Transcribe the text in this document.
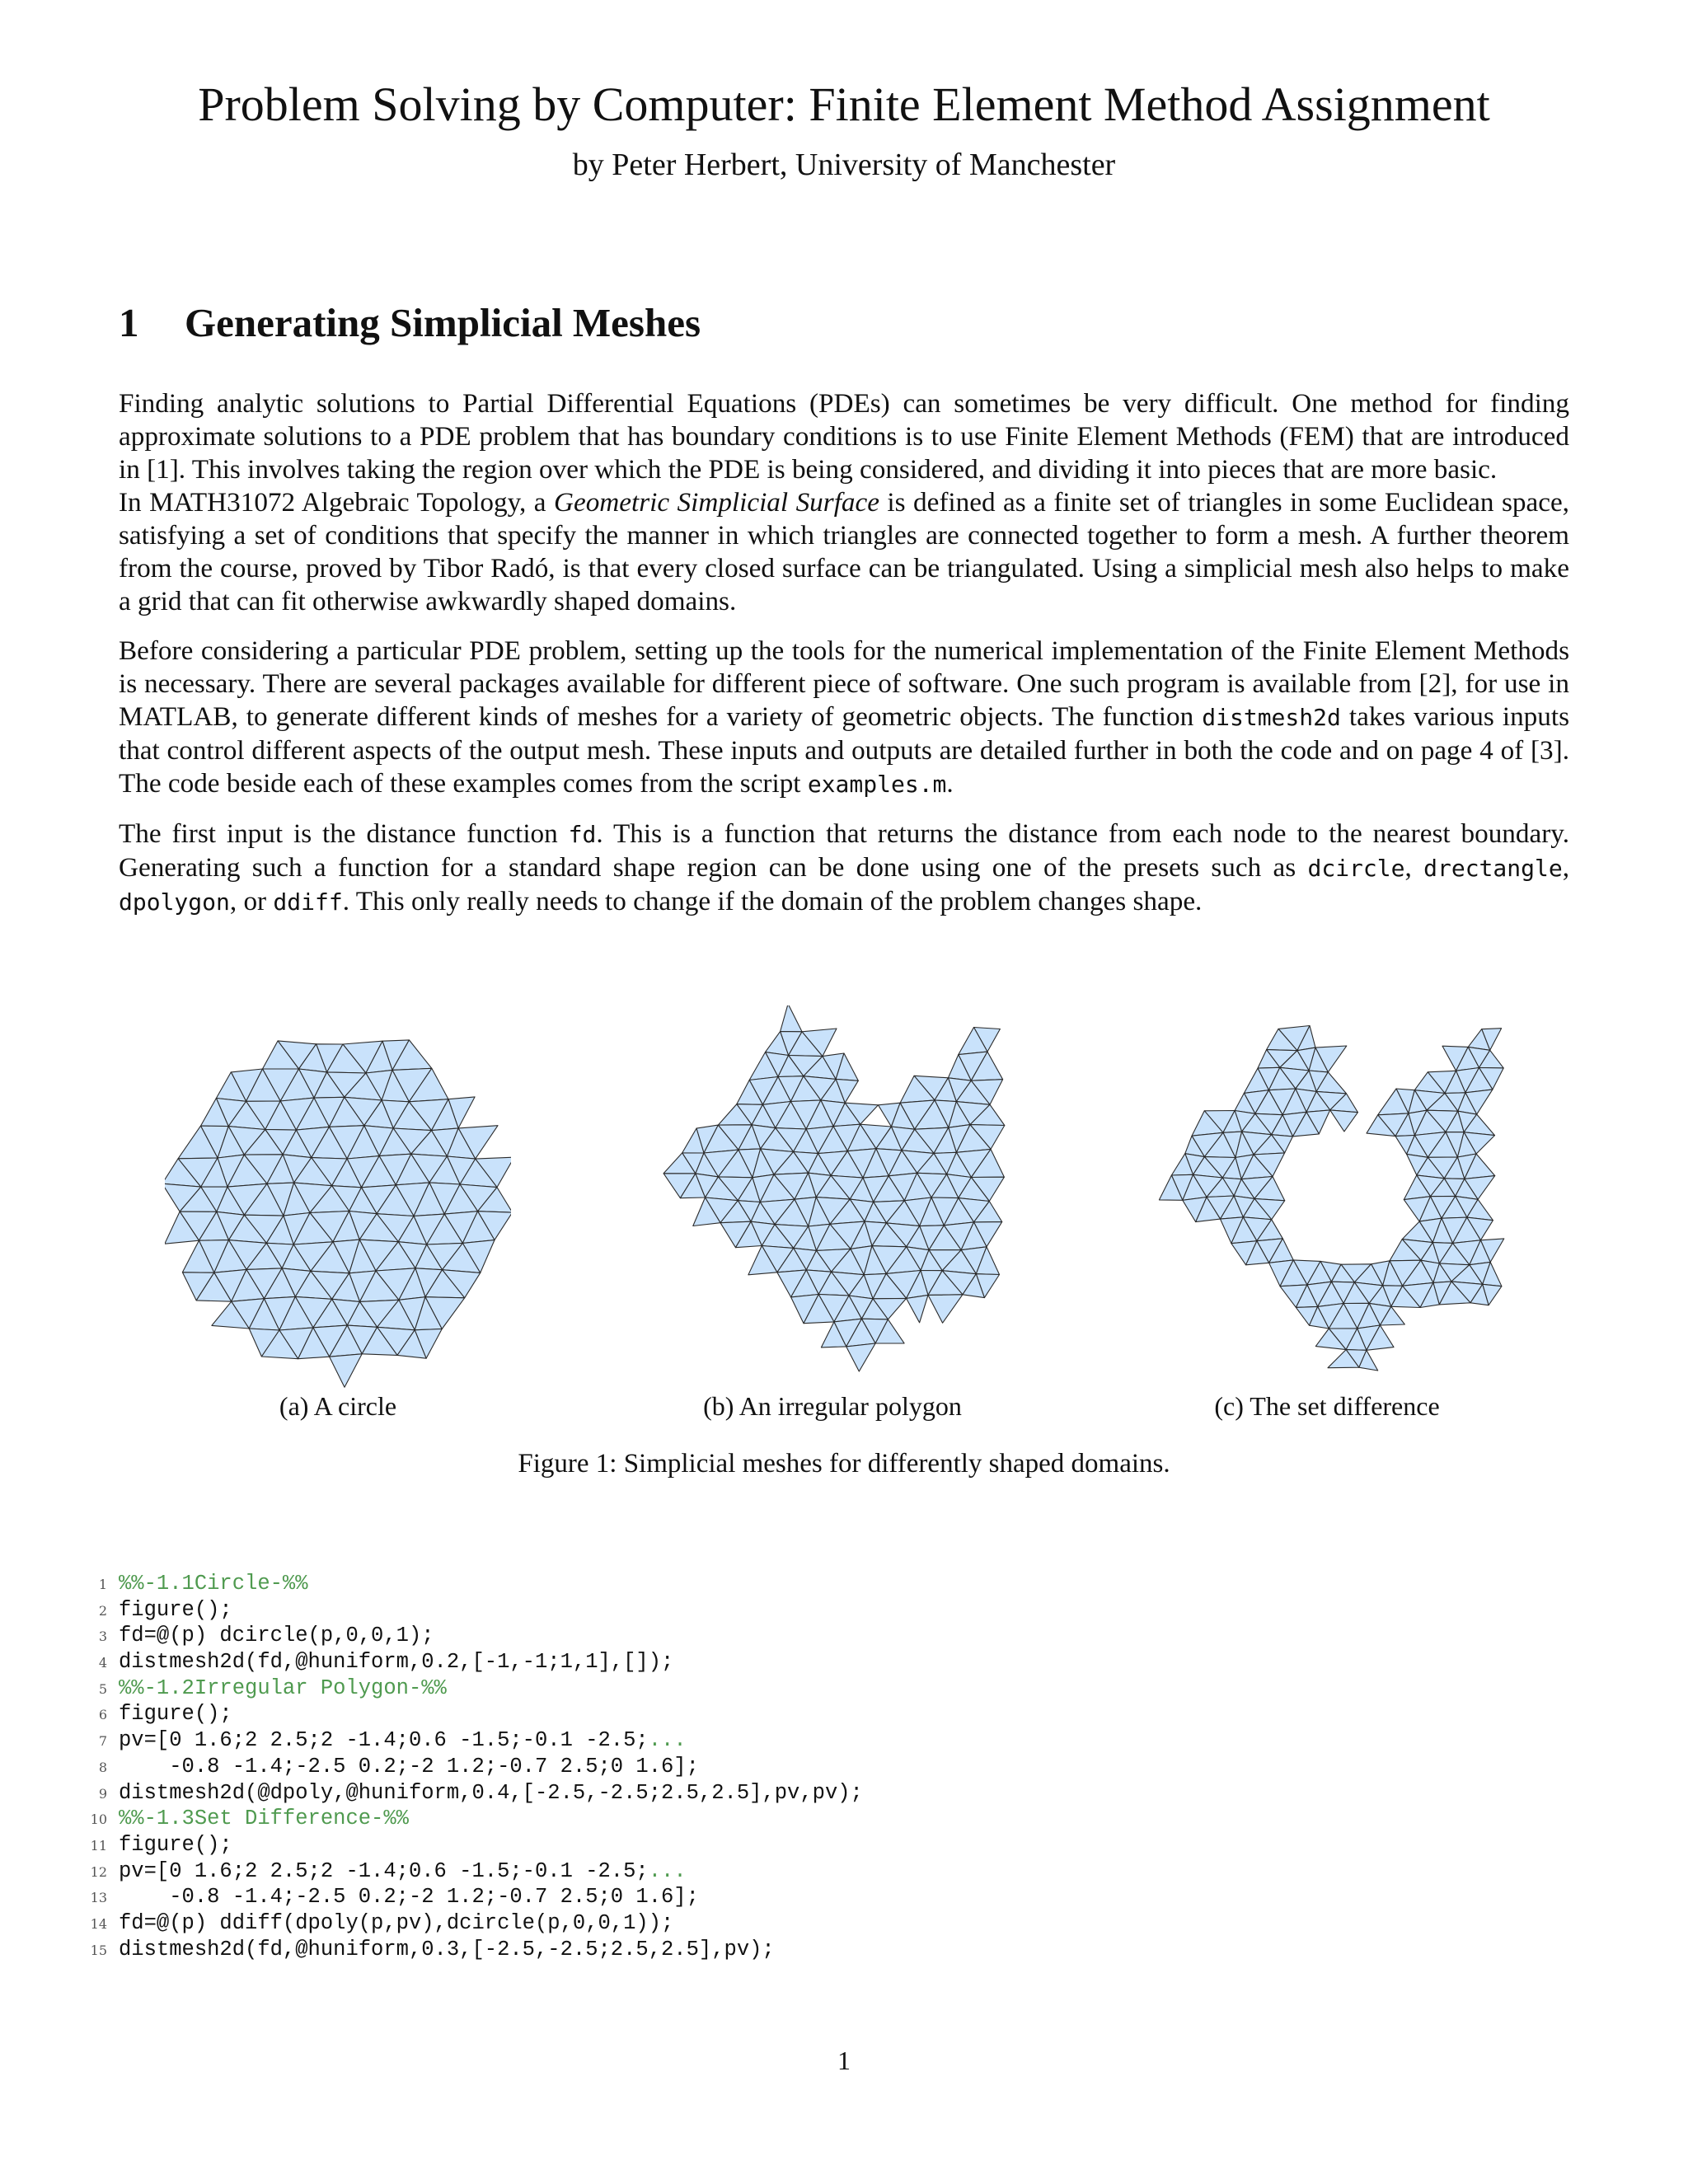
Problem Solving by Computer: Finite Element Method Assignment
by Peter Herbert, University of Manchester
1 Generating Simplicial Meshes

Finding analytic solutions to Partial Differential Equations (PDEs) can sometimes be very difficult. One method for finding approximate solutions to a PDE problem that has boundary conditions is to use Finite Element Methods (FEM) that are introduced in [1]. This involves taking the region over which the PDE is being considered, and dividing it into pieces that are more basic.

In MATH31072 Algebraic Topology, a Geometric Simplicial Surface is defined as a finite set of triangles in some Euclidean space, satisfying a set of conditions that specify the manner in which triangles are connected together to form a mesh. A further theorem from the course, proved by Tibor Radó, is that every closed surface can be triangulated. Using a simplicial mesh also helps to make a grid that can fit otherwise awkwardly shaped domains.

Before considering a particular PDE problem, setting up the tools for the numerical implementation of the Finite Element Methods is necessary. There are several packages available for different piece of software. One such program is available from [2], for use in MATLAB, to generate different kinds of meshes for a variety of geometric objects. The function distmesh2d takes various inputs that control different aspects of the output mesh. These inputs and outputs are detailed further in both the code and on page 4 of [3]. The code beside each of these examples comes from the script examples.m.

The first input is the distance function fd. This is a function that returns the distance from each node to the nearest boundary. Generating such a function for a standard shape region can be done using one of the presets such as dcircle, drectangle, dpolygon, or ddiff. This only really needs to change if the domain of the problem changes shape.

(a) A circle	(b) An irregular polygon	(c) The set difference
Figure 1: Simplicial meshes for differently shaped domains.
1 %%-1.1Circle-%%
2 figure();
3 fd=@(p) dcircle(p,0,0,1);
4 distmesh2d(fd,@huniform,0.2,[-1,-1;1,1],[]);
5 %%-1.2Irregular Polygon-%%
6 figure();
7 pv=[0 1.6;2 2.5;2 -1.4;0.6 -1.5;-0.1 -2.5;...
8    -0.8 -1.4;-2.5 0.2;-2 1.2;-0.7 2.5;0 1.6];
9 distmesh2d(@dpoly,@huniform,0.4,[-2.5,-2.5;2.5,2.5],pv,pv);
10 %%-1.3Set Difference-%%
11 figure();
12 pv=[0 1.6;2 2.5;2 -1.4;0.6 -1.5;-0.1 -2.5;...
13    -0.8 -1.4;-2.5 0.2;-2 1.2;-0.7 2.5;0 1.6];
14 fd=@(p) ddiff(dpoly(p,pv),dcircle(p,0,0,1));
15 distmesh2d(fd,@huniform,0.3,[-2.5,-2.5;2.5,2.5],pv);
1
